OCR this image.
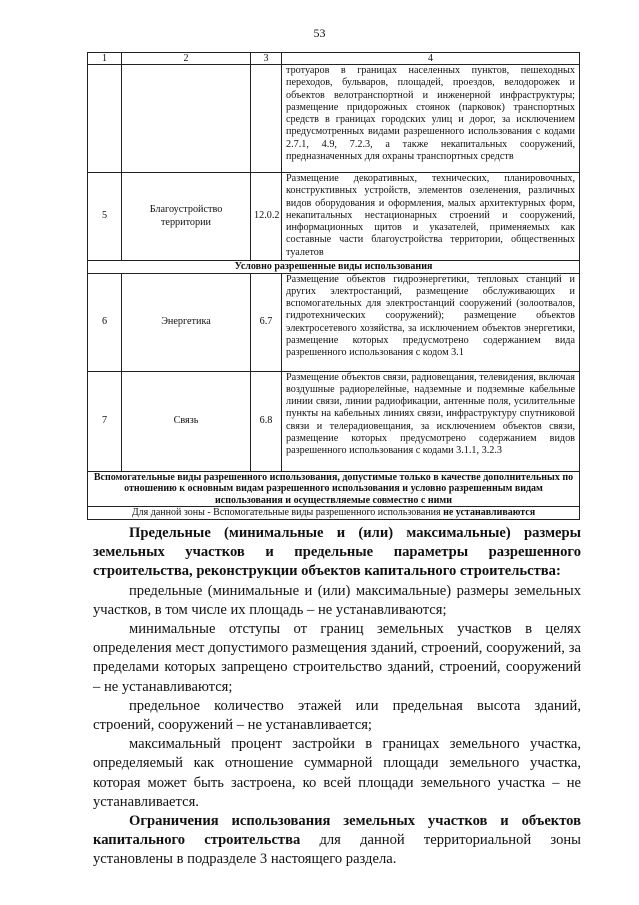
53
1	2	3	4
			тротуаров в границах населенных пунктов, пешеходных переходов, бульваров, площадей, проездов, велодорожек и объектов велотранспортной и инженерной инфраструктуры; размещение придорожных стоянок (парковок) транспортных средств в границах городских улиц и дорог, за исключением предусмотренных видами разрешенного использования с кодами 2.7.1, 4.9, 7.2.3, а также некапитальных сооружений, предназначенных для охраны транспортных средств
5	Благоустройство территории	12.0.2	Размещение декоративных, технических, планировочных, конструктивных устройств, элементов озеленения, различных видов оборудования и оформления, малых архитектурных форм, некапитальных нестационарных строений и сооружений, информационных щитов и указателей, применяемых как составные части благоустройства территории, общественных туалетов
Условно разрешенные виды использования			
6	Энергетика	6.7	Размещение объектов гидроэнергетики, тепловых станций и других электростанций, размещение обслуживающих и вспомогательных для электростанций сооружений (золоотвалов, гидротехнических сооружений); размещение объектов электросетевого хозяйства, за исключением объектов энергетики, размещение которых предусмотрено содержанием вида разрешенного использования с кодом 3.1
7	Связь	6.8	Размещение объектов связи, радиовещания, телевидения, включая воздушные радиорелейные, надземные и подземные кабельные линии связи, линии радиофикации, антенные поля, усилительные пункты на кабельных линиях связи, инфраструктуру спутниковой связи и телерадиовещания, за исключением объектов связи, размещение которых предусмотрено содержанием видов разрешенного использования с кодами 3.1.1, 3.2.3
Вспомогательные виды разрешенного использования, допустимые только в качестве дополнительных по отношению к основным видам разрешенного использования и условно разрешенным видам использования и осуществляемые совместно с ними			
Для данной зоны - Вспомогательные виды разрешенного использования не устанавливаются			

Предельные (минимальные и (или) максимальные) размеры земельных участков и предельные параметры разрешенного строительства, реконструкции объектов капитального строительства:

предельные (минимальные и (или) максимальные) размеры земельных участков, в том числе их площадь – не устанавливаются;

минимальные отступы от границ земельных участков в целях определения мест допустимого размещения зданий, строений, сооружений, за пределами которых запрещено строительство зданий, строений, сооружений – не устанавливаются;

предельное количество этажей или предельная высота зданий, строений, сооружений – не устанавливается;

максимальный процент застройки в границах земельного участка, определяемый как отношение суммарной площади земельного участка, которая может быть застроена, ко всей площади земельного участка – не устанавливается.

Ограничения использования земельных участков и объектов капитального строительства для данной территориальной зоны установлены в подразделе 3 настоящего раздела.
